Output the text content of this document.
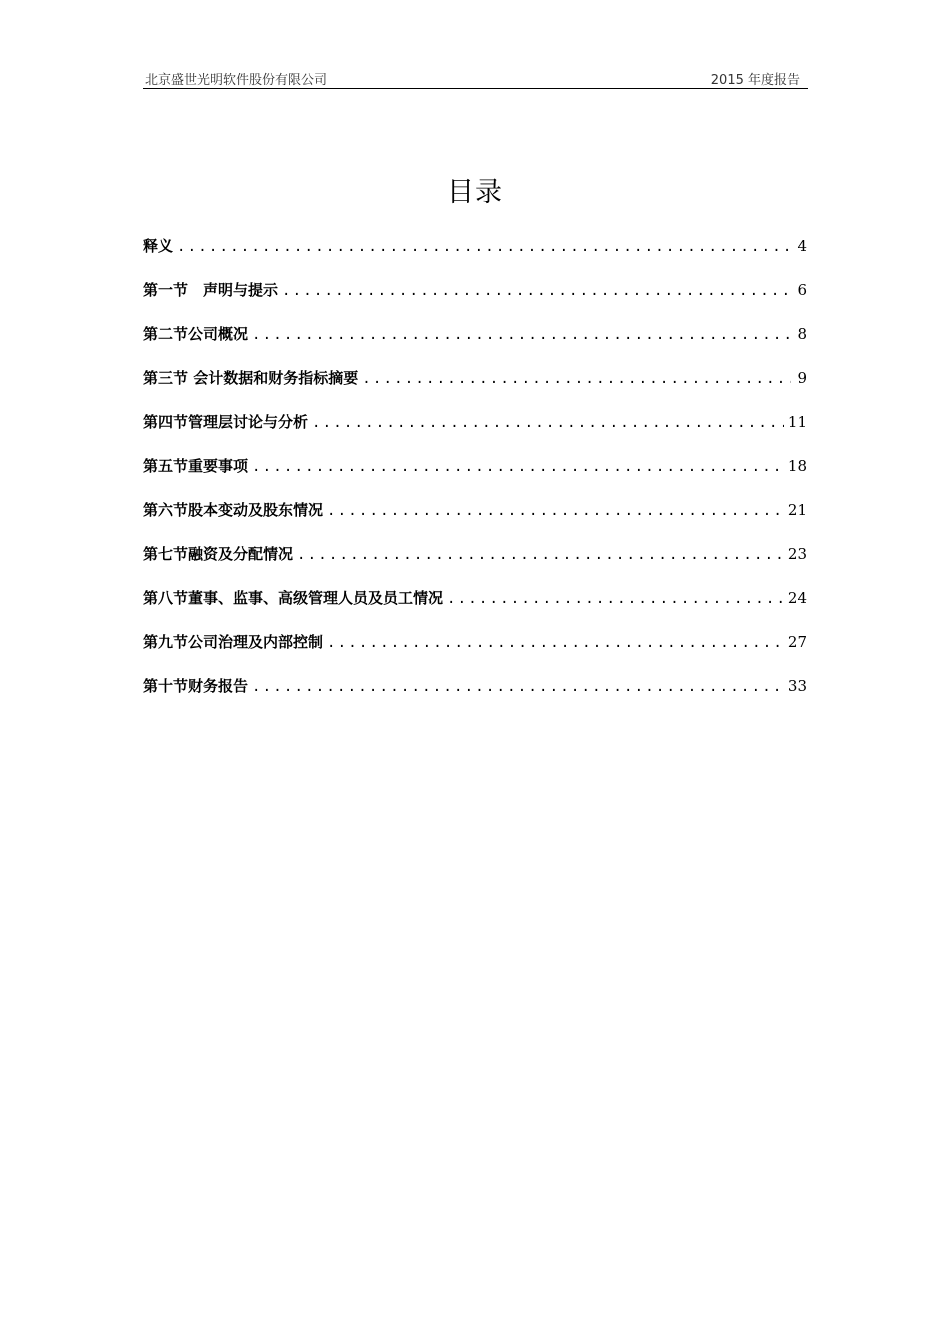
北京盛世光明软件股份有限公司	2015 年度报告
目录
释义 .....	4
第一节　声明与提示 .....	6
第二节公司概况 .....	8
第三节 会计数据和财务指标摘要 .....	9
第四节管理层讨论与分析 .....	11
第五节重要事项 .....	18
第六节股本变动及股东情况 .....	21
第七节融资及分配情况 .....	23
第八节董事、监事、高级管理人员及员工情况 .....	24
第九节公司治理及内部控制 .....	27
第十节财务报告 .....	33
